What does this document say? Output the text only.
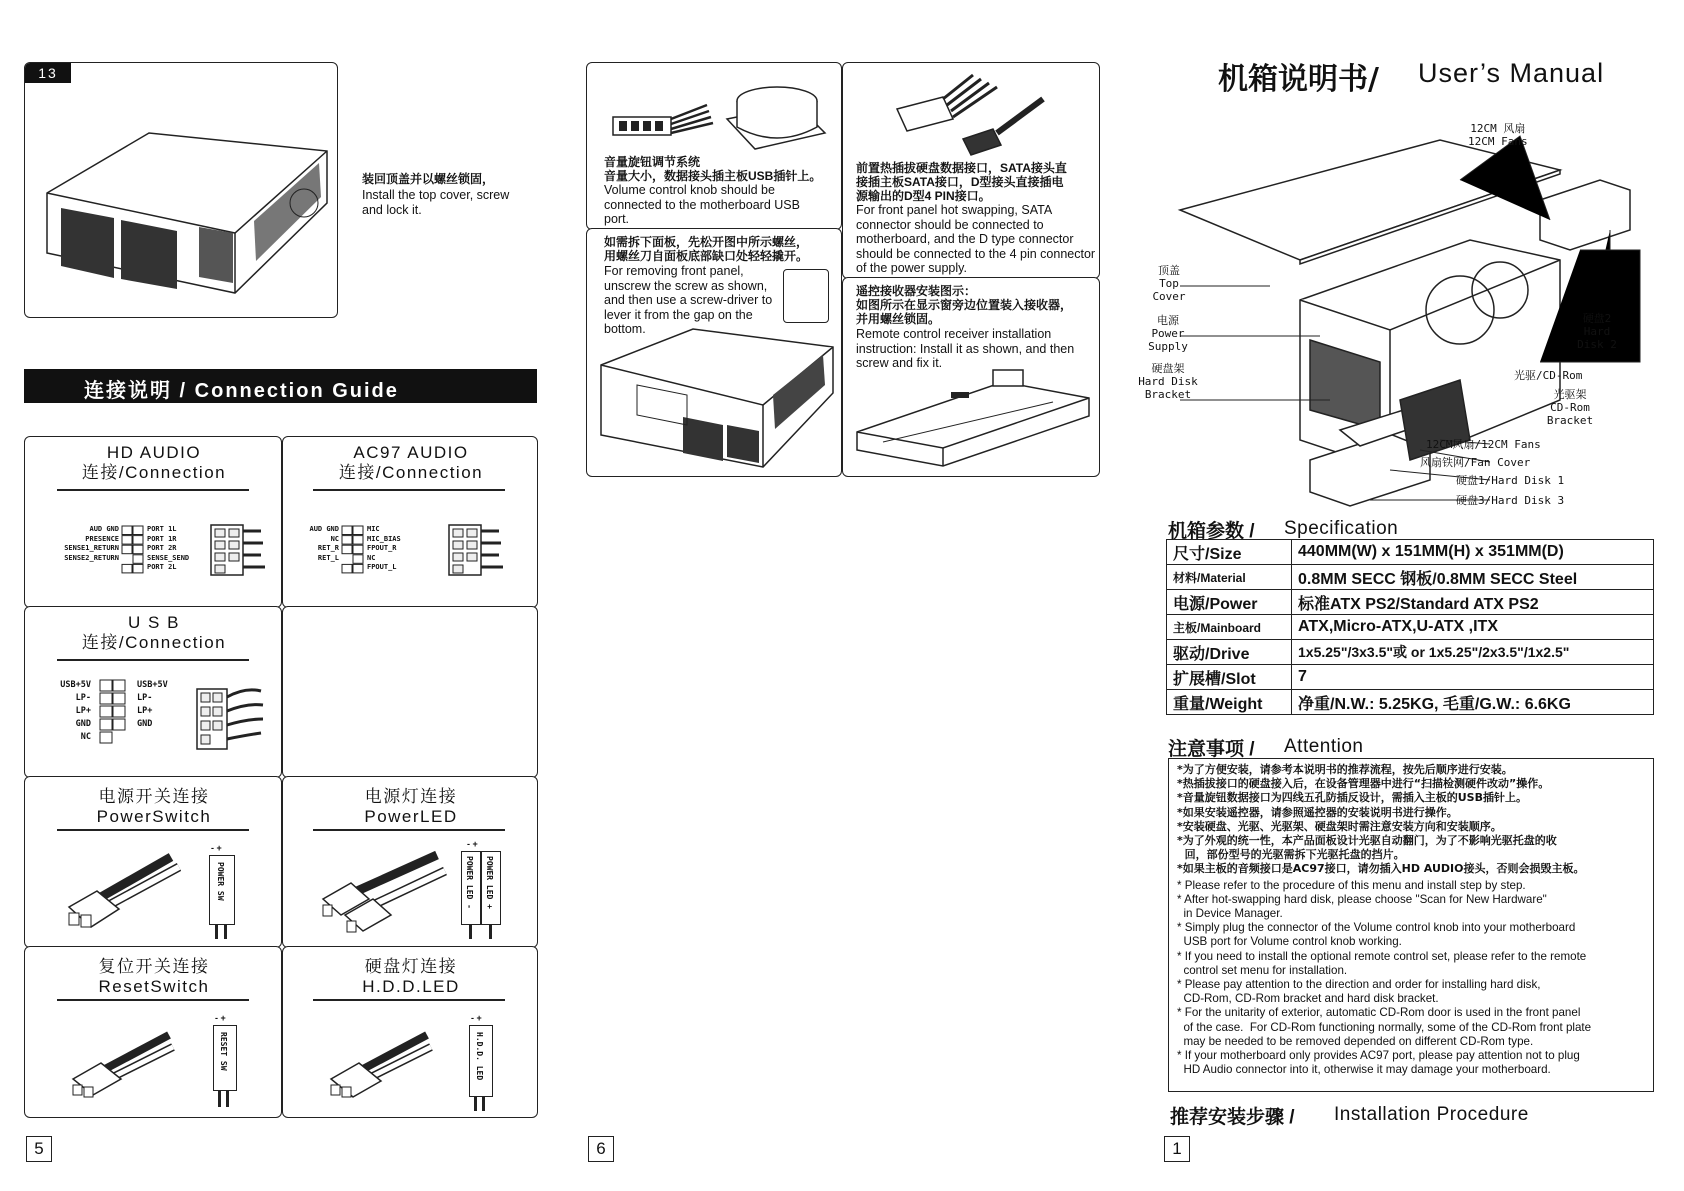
13
装回顶盖并以螺丝锁固，
Install the top cover, screw and lock it.
连接说明 / Connection Guide
HD AUDIO
连接/Connection
AUD GND
PRESENCE
SENSE1_RETURN
SENSE2_RETURN
PORT 1L
PORT 1R
PORT 2R
SENSE_SEND
PORT 2L
AC97 AUDIO
连接/Connection
AUD GND
NC
RET_R
RET_L
MIC
MIC_BIAS
FPOUT_R
NC
FPOUT_L
U S B
连接/Connection
USB+5V
LP-
LP+
GND
NC
USB+5V
LP-
LP+
GND
电源开关连接
PowerSwitch
- +
POWER SW
电源灯连接
PowerLED
- +
POWER LED - POWER LED +
复位开关连接
ResetSwitch
- +
RESET SW
硬盘灯连接
H.D.D.LED
- +
H.D.D. LED
5
音量旋钮调节系统
音量大小，数据接头插主板USB插针上。
Volume control knob should be connected to the motherboard USB port.
前置热插拔硬盘数据接口，SATA接头直
接插主板SATA接口，D型接头直接插电
源输出的D型4 PIN接口。
For front panel hot swapping, SATA connector should be connected to motherboard, and the D type connector should be connected to the 4 pin connector of the power supply.
如需拆下面板，先松开图中所示螺丝，
用螺丝刀自面板底部缺口处轻轻撬开。
For removing front panel, unscrew the screw as shown, and then use a screw-driver to lever it from the gap on the bottom.
遥控接收器安装图示：
如图所示在显示窗旁边位置装入接收器，
并用螺丝锁固。
Remote control receiver installation instruction: Install it as shown, and then screw and fix it.
6
机箱说明书/ User’s Manual
12CM 风扇
12CM Fans
顶盖
Top
Cover
电源
Power
Supply
硬盘架
Hard Disk
Bracket
硬盘2
Hard
Disk 2
光驱/CD-Rom
光驱架
CD-Rom
Bracket
12CM风扇/12CM Fans
风扇铁网/Fan Cover
硬盘1/Hard Disk 1
硬盘3/Hard Disk 3
机箱参数 / Specification
尺寸/Size	440MM(W) x 151MM(H) x 351MM(D)
材料/Material	0.8MM SECC 钢板/0.8MM SECC Steel
电源/Power	标准ATX PS2/Standard ATX PS2
主板/Mainboard	ATX,Micro-ATX,U-ATX ,ITX
驱动/Drive	1x5.25"/3x3.5"或 or 1x5.25"/2x3.5"/1x2.5"
扩展槽/Slot	7
重量/Weight	净重/N.W.: 5.25KG, 毛重/G.W.: 6.6KG
注意事项 / Attention
*为了方便安装，请参考本说明书的推荐流程，按先后顺序进行安装。
*热插拔接口的硬盘接入后，在设备管理器中进行“扫描检测硬件改动”操作。
*音量旋钮数据接口为四线五孔防插反设计，需插入主板的USB插针上。
*如果安装遥控器，请参照遥控器的安装说明书进行操作。
*安装硬盘、光驱、光驱架、硬盘架时需注意安装方向和安装顺序。
*为了外观的统一性，本产品面板设计光驱自动翻门，为了不影响光驱托盘的收
回，部份型号的光驱需拆下光驱托盘的挡片。
*如果主板的音频接口是AC97接口，请勿插入HD AUDIO接头，否则会损毁主板。
* Please refer to the procedure of this menu and install step by step.
* After hot-swapping hard disk, please choose "Scan for New Hardware"
in Device Manager.
* Simply plug the connector of the Volume control knob into your motherboard
USB port for Volume control knob working.
* If you need to install the optional remote control set, please refer to the remote
control set menu for installation.
* Please pay attention to the direction and order for installing hard disk,
CD-Rom, CD-Rom bracket and hard disk bracket.
* For the unitarity of exterior, automatic CD-Rom door is used in the front panel
of the case.  For CD-Rom functioning normally, some of the CD-Rom front plate
may be needed to be removed depended on different CD-Rom type.
* If your motherboard only provides AC97 port, please pay attention not to plug
HD Audio connector into it, otherwise it may damage your motherboard.
推荐安装步骤 / Installation Procedure
1
